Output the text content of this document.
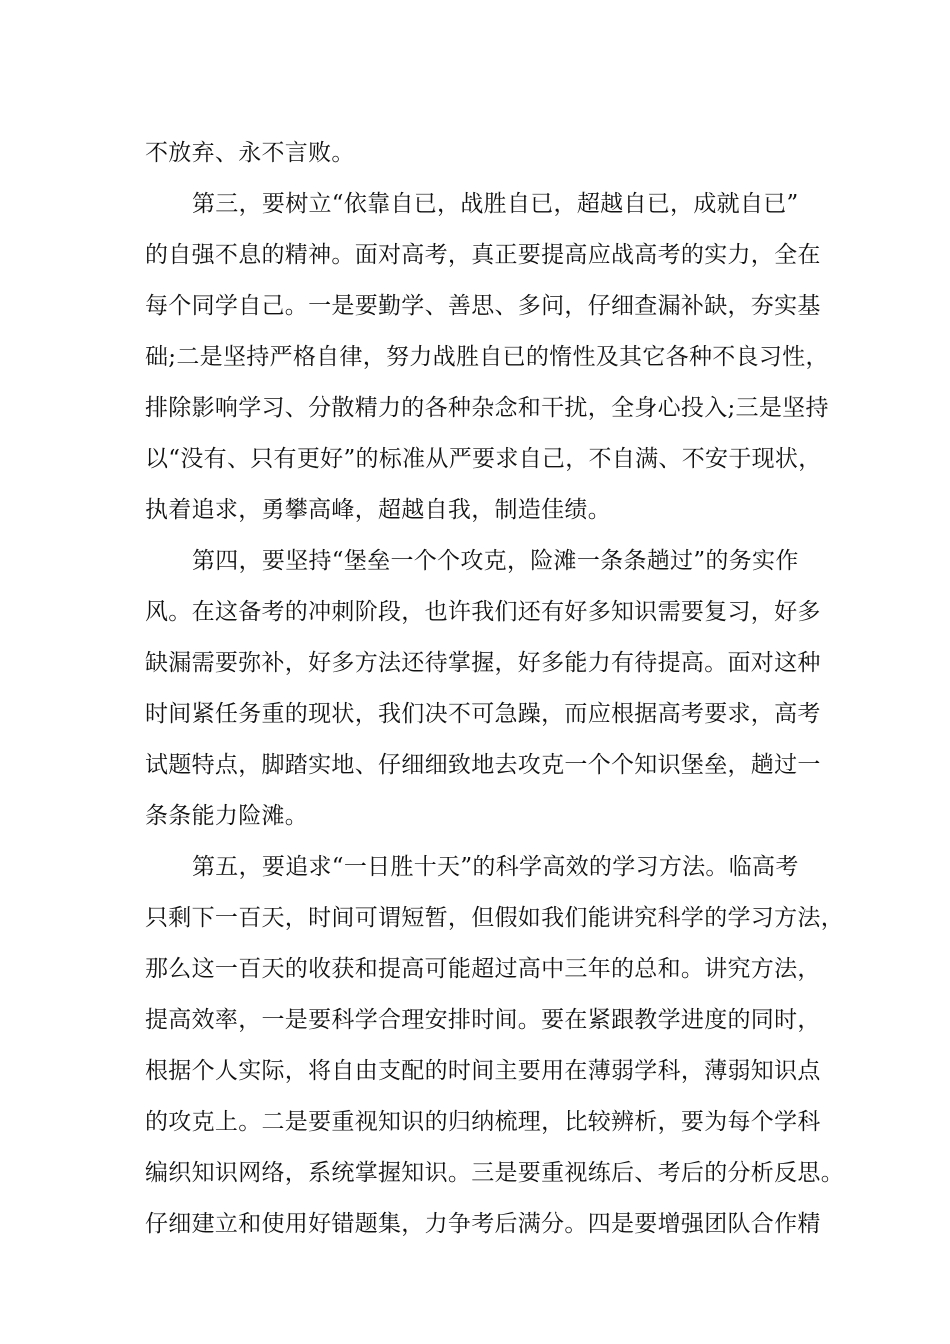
不放弃、永不言败。
第三，要树立“依靠自已，战胜自已，超越自已，成就自已”
的自强不息的精神。面对高考，真正要提高应战高考的实力，全在
每个同学自己。一是要勤学、善思、多问，仔细查漏补缺，夯实基
础;二是坚持严格自律，努力战胜自已的惰性及其它各种不良习性，
排除影响学习、分散精力的各种杂念和干扰，全身心投入;三是坚持
以“没有、只有更好”的标准从严要求自己，不自满、不安于现状，
执着追求，勇攀高峰，超越自我，制造佳绩。
第四，要坚持“堡垒一个个攻克，险滩一条条趟过”的务实作
风。在这备考的冲刺阶段，也许我们还有好多知识需要复习，好多
缺漏需要弥补，好多方法还待掌握，好多能力有待提高。面对这种
时间紧任务重的现状，我们决不可急躁，而应根据高考要求，高考
试题特点，脚踏实地、仔细细致地去攻克一个个知识堡垒，趟过一
条条能力险滩。
第五，要追求“一日胜十天”的科学高效的学习方法。临高考
只剩下一百天，时间可谓短暂，但假如我们能讲究科学的学习方法，
那么这一百天的收获和提高可能超过高中三年的总和。讲究方法，
提高效率，一是要科学合理安排时间。要在紧跟教学进度的同时，
根据个人实际，将自由支配的时间主要用在薄弱学科，薄弱知识点
的攻克上。二是要重视知识的归纳梳理，比较辨析，要为每个学科
编织知识网络，系统掌握知识。三是要重视练后、考后的分析反思。
仔细建立和使用好错题集，力争考后满分。四是要增强团队合作精
